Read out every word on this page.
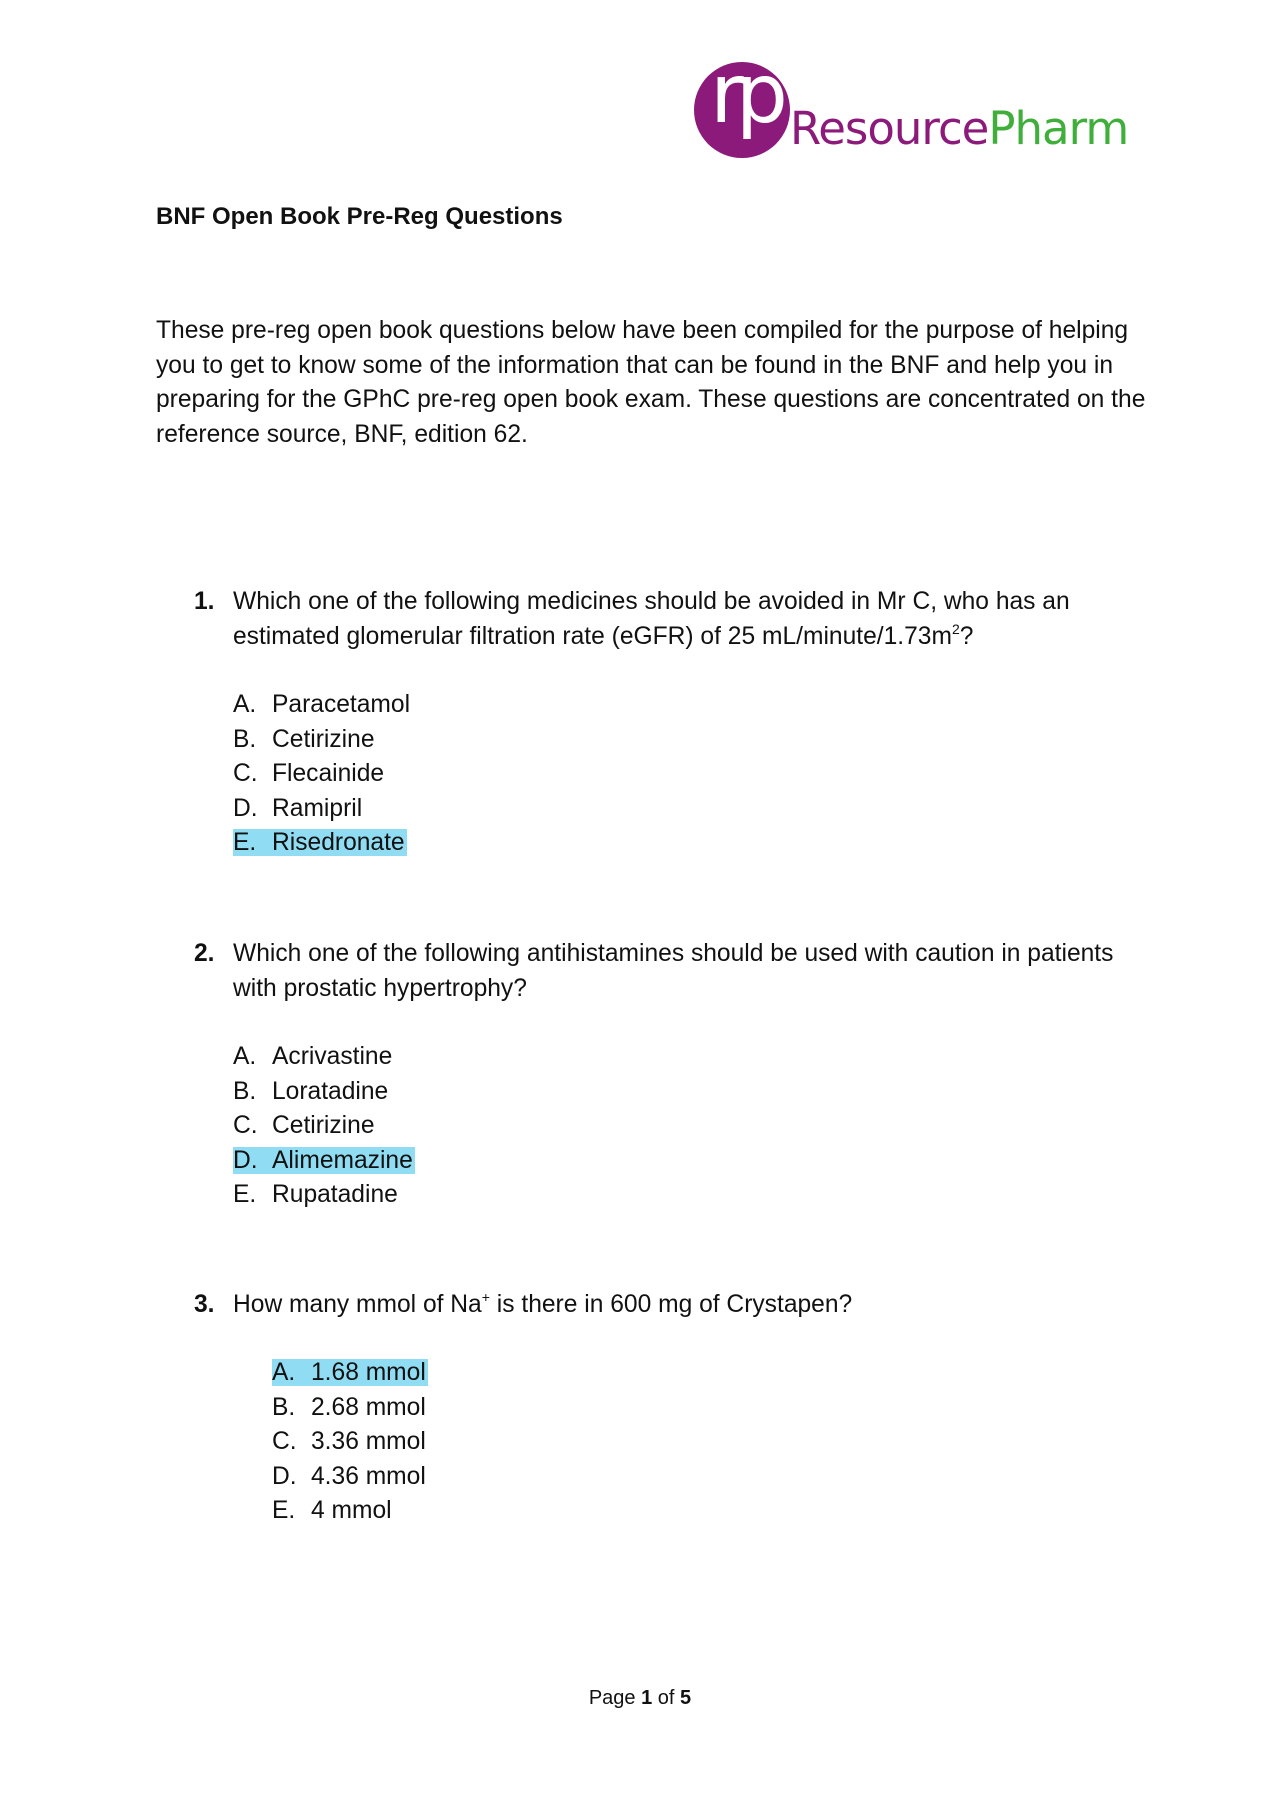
rp ResourcePharm
BNF Open Book Pre-Reg Questions

These pre-reg open book questions below have been compiled for the purpose of helping you to get to know some of the information that can be found in the BNF and help you in preparing for the GPhC pre-reg open book exam. These questions are concentrated on the reference source, BNF, edition 62.

1. Which one of the following medicines should be avoided in Mr C, who has an estimated glomerular filtration rate (eGFR) of 25 $mL/minute/1.73m^2$?

A. Paracetamol
B. Cetirizine
C. Flecainide
D. Ramipril
E. Risedronate
2. Which one of the following antihistamines should be used with caution in patients with prostatic hypertrophy?

A. Acrivastine
B. Loratadine
C. Cetirizine
D. Alimemazine
E. Rupatadine
3. How many mmol of Na+ is there in 600 mg of Crystapen?

A. 1.68 mmol
B. 2.68 mmol
C. 3.36 mmol
D. 4.36 mmol
E. 4 mmol
Page 1 of 5
